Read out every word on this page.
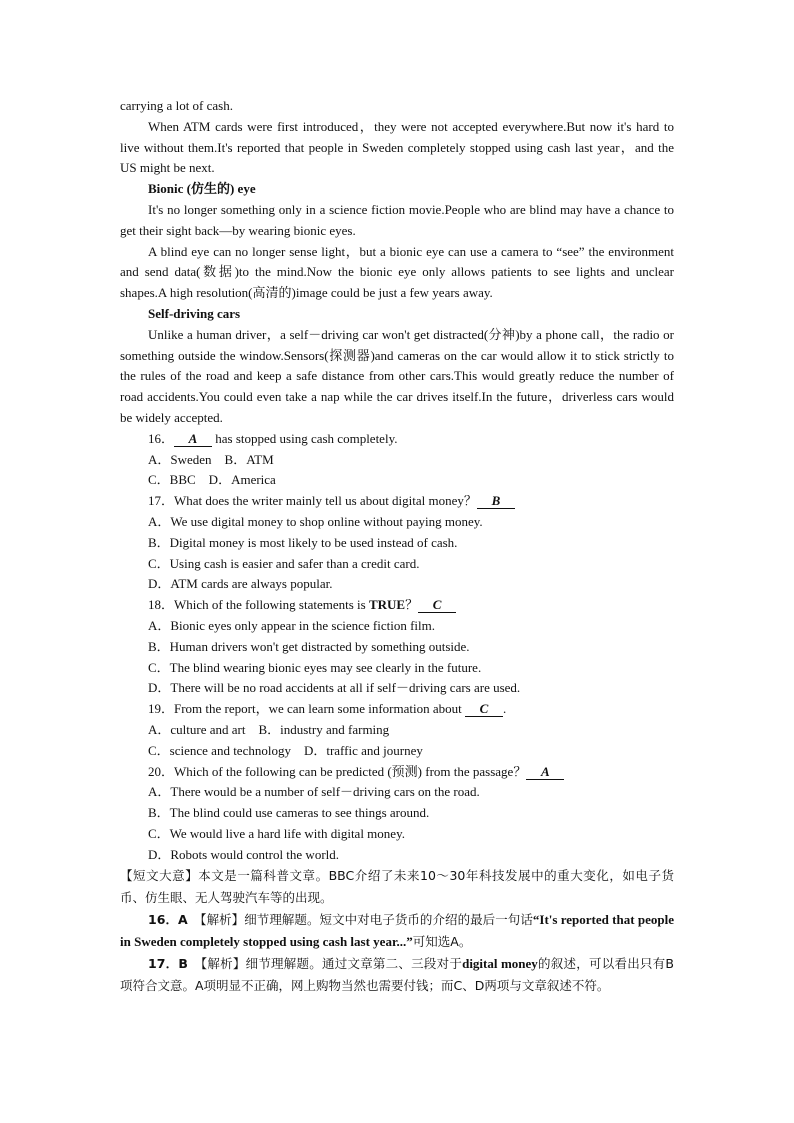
carrying a lot of cash.

When ATM cards were first introduced，they were not accepted everywhere.But now it's hard to live without them.It's reported that people in Sweden completely stopped using cash last year，and the US might be next.

Bionic (仿生的) eye

It's no longer something only in a science fiction movie.People who are blind may have a chance to get their sight back—by wearing bionic eyes.

A blind eye can no longer sense light，but a bionic eye can use a camera to “see” the environment and send data(数据)to the mind.Now the bionic eye only allows patients to see lights and unclear shapes.A high resolution(高清的)image could be just a few years away.

Self-driving cars

Unlike a human driver，a self－driving car won't get distracted(分神)by a phone call，the radio or something outside the window.Sensors(探测器)and cameras on the car would allow it to stick strictly to the rules of the road and keep a safe distance from other cars.This would greatly reduce the number of road accidents.You could even take a nap while the car drives itself.In the future，driverless cars would be widely accepted.

16． A has stopped using cash completely.

A．Sweden　B．ATM

C．BBC　D．America

17．What does the writer mainly tell us about digital money？ B

A．We use digital money to shop online without paying money.

B．Digital money is most likely to be used instead of cash.

C．Using cash is easier and safer than a credit card.

D．ATM cards are always popular.

18．Which of the following statements is TRUE？ C

A．Bionic eyes only appear in the science fiction film.

B．Human drivers won't get distracted by something outside.

C．The blind wearing bionic eyes may see clearly in the future.

D．There will be no road accidents at all if self－driving cars are used.

19．From the report，we can learn some information about C .

A．culture and art　B．industry and farming

C．science and technology　D．traffic and journey

20．Which of the following can be predicted (预测) from the passage？ A

A．There would be a number of self－driving cars on the road.

B．The blind could use cameras to see things around.

C．We would live a hard life with digital money.

D．Robots would control the world.

【短文大意】本文是一篇科普文章。BBC介绍了未来10～30年科技发展中的重大变化，如电子货币、仿生眼、无人驾驶汽车等的出现。

16．A　【解析】细节理解题。短文中对电子货币的介绍的最后一句话“It's reported that people in Sweden completely stopped using cash last year...”可知选A。

17．B　【解析】细节理解题。通过文章第二、三段对于digital money的叙述，可以看出只有B项符合文意。A项明显不正确，网上购物当然也需要付钱；而C、D两项与文章叙述不符。
